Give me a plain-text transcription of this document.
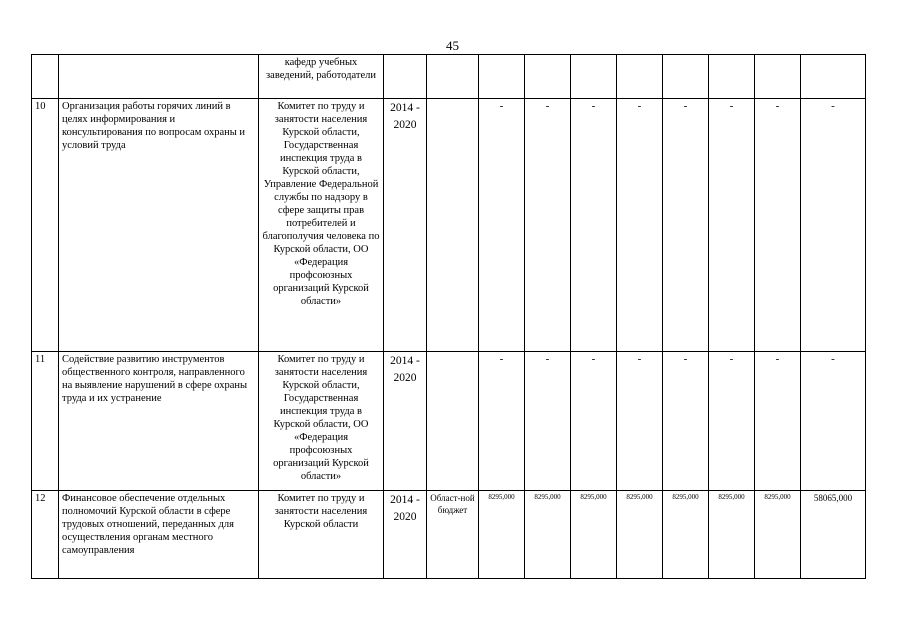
45
		кафедр учебных заведений, работодатели										
10	Организация работы горячих линий в целях информирования и консультирования по вопросам охраны и условий труда	Комитет по труду и занятости населения Курской области, Государственная инспекция труда в Курской области, Управление Федеральной службы по надзору в сфере защиты прав потребителей и благополучия человека по Курской области, ОО «Федерация профсоюзных организаций Курской области»	2014 - 2020		-	-	-	-	-	-	-	-
11	Содействие развитию инструментов общественного контроля, направленного на выявление нарушений в сфере охраны труда и их устранение	Комитет по труду и занятости населения Курской области, Государственная инспекция труда в Курской области, ОО «Федерация профсоюзных организаций Курской области»	2014 - 2020		-	-	-	-	-	-	-	-
12	Финансовое обеспечение отдельных полномочий Курской области в сфере трудовых отношений, переданных для осуществления органам местного самоуправления	Комитет по труду и занятости населения Курской области	2014 - 2020	Област-ной бюджет	8295,000	8295,000	8295,000	8295,000	8295,000	8295,000	8295,000	58065,000
